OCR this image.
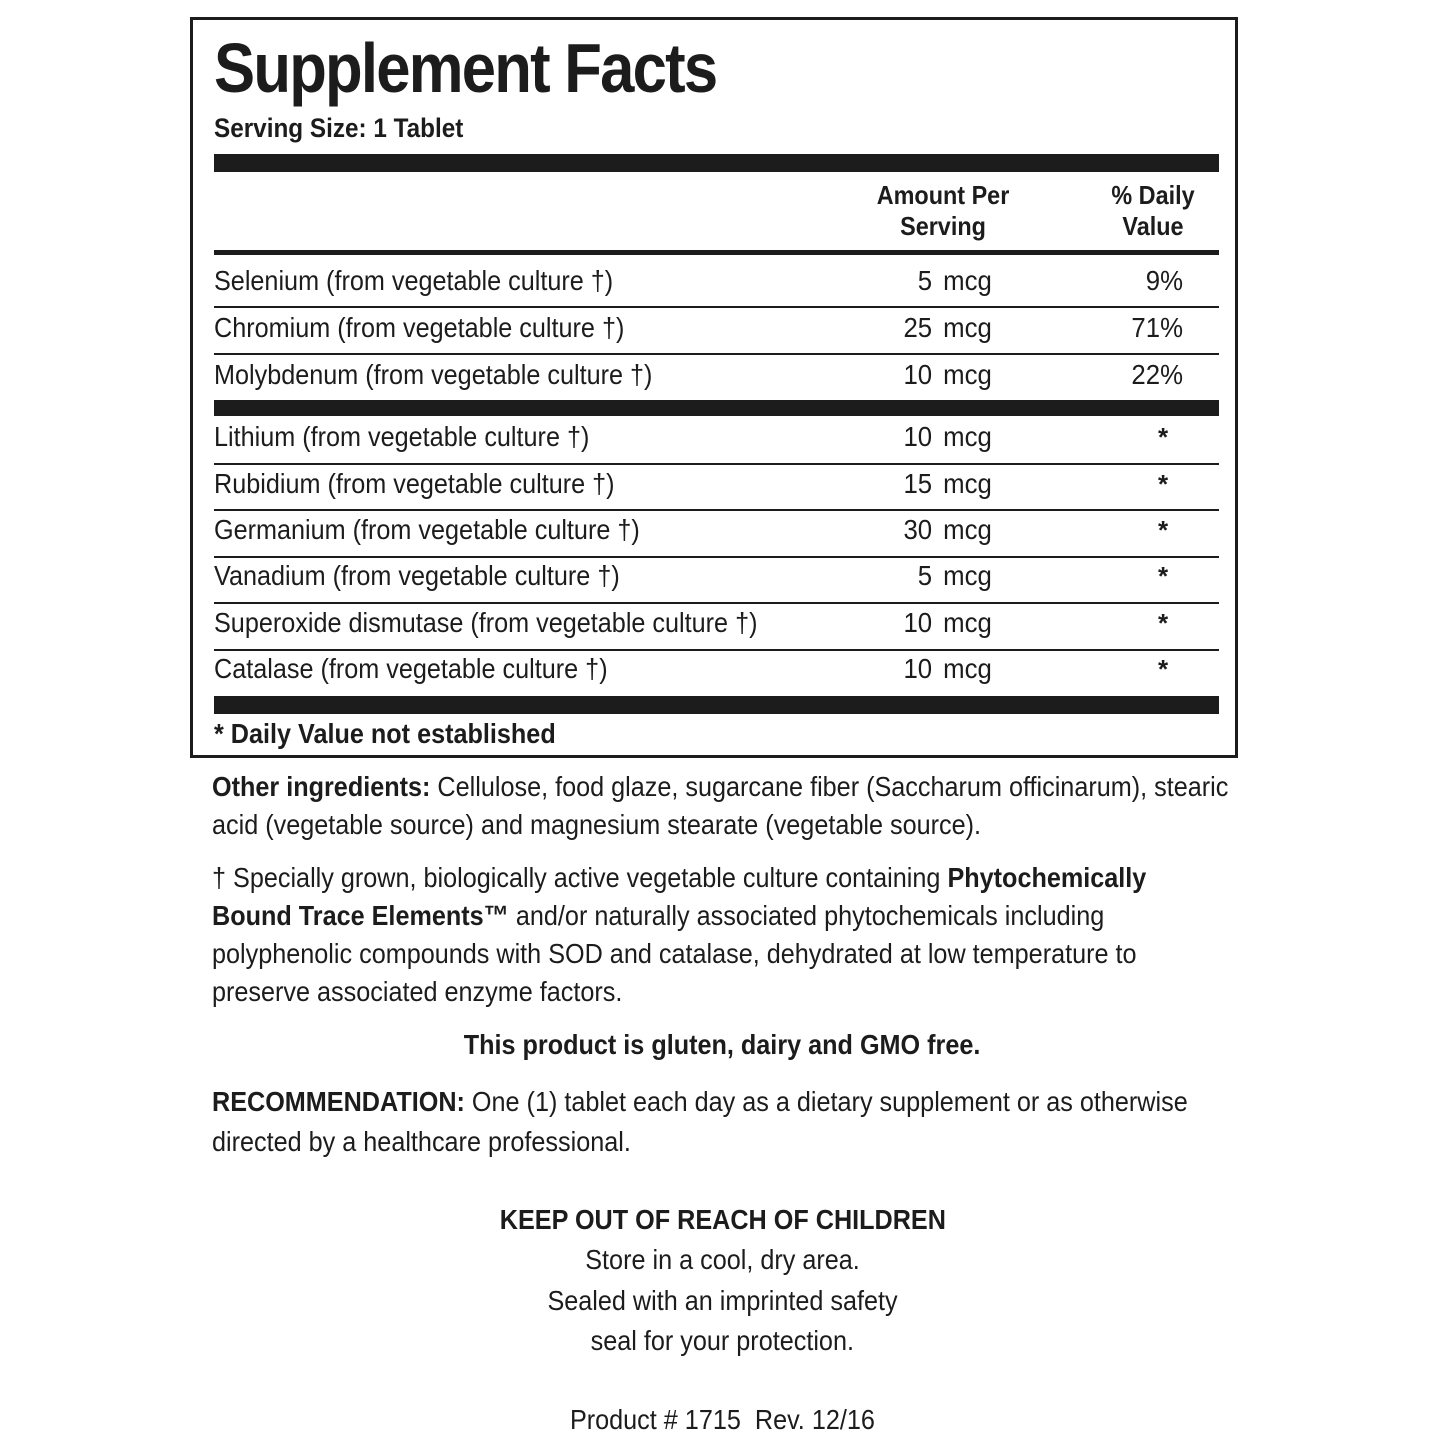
Supplement Facts
Serving Size: 1 Tablet
Amount Per
Serving
% Daily
Value
Selenium (from vegetable culture †)	5 mcg	9%
Chromium (from vegetable culture †)	25 mcg	71%
Molybdenum (from vegetable culture †)	10 mcg	22%
Lithium (from vegetable culture †)	10 mcg	*
Rubidium (from vegetable culture †)	15 mcg	*
Germanium (from vegetable culture †)	30 mcg	*
Vanadium (from vegetable culture †)	5 mcg	*
Superoxide dismutase (from vegetable culture †)	10 mcg	*
Catalase (from vegetable culture †)	10 mcg	*
* Daily Value not established

Other ingredients: Cellulose, food glaze, sugarcane fiber (Saccharum officinarum), stearic acid (vegetable source) and magnesium stearate (vegetable source).

† Specially grown, biologically active vegetable culture containing Phytochemically Bound Trace Elements™ and/or naturally associated phytochemicals including polyphenolic compounds with SOD and catalase, dehydrated at low temperature to preserve associated enzyme factors.

This product is gluten, dairy and GMO free.

RECOMMENDATION: One (1) tablet each day as a dietary supplement or as otherwise directed by a healthcare professional.

KEEP OUT OF REACH OF CHILDREN
Store in a cool, dry area.
Sealed with an imprinted safety
seal for your protection.
Product # 1715  Rev. 12/16
